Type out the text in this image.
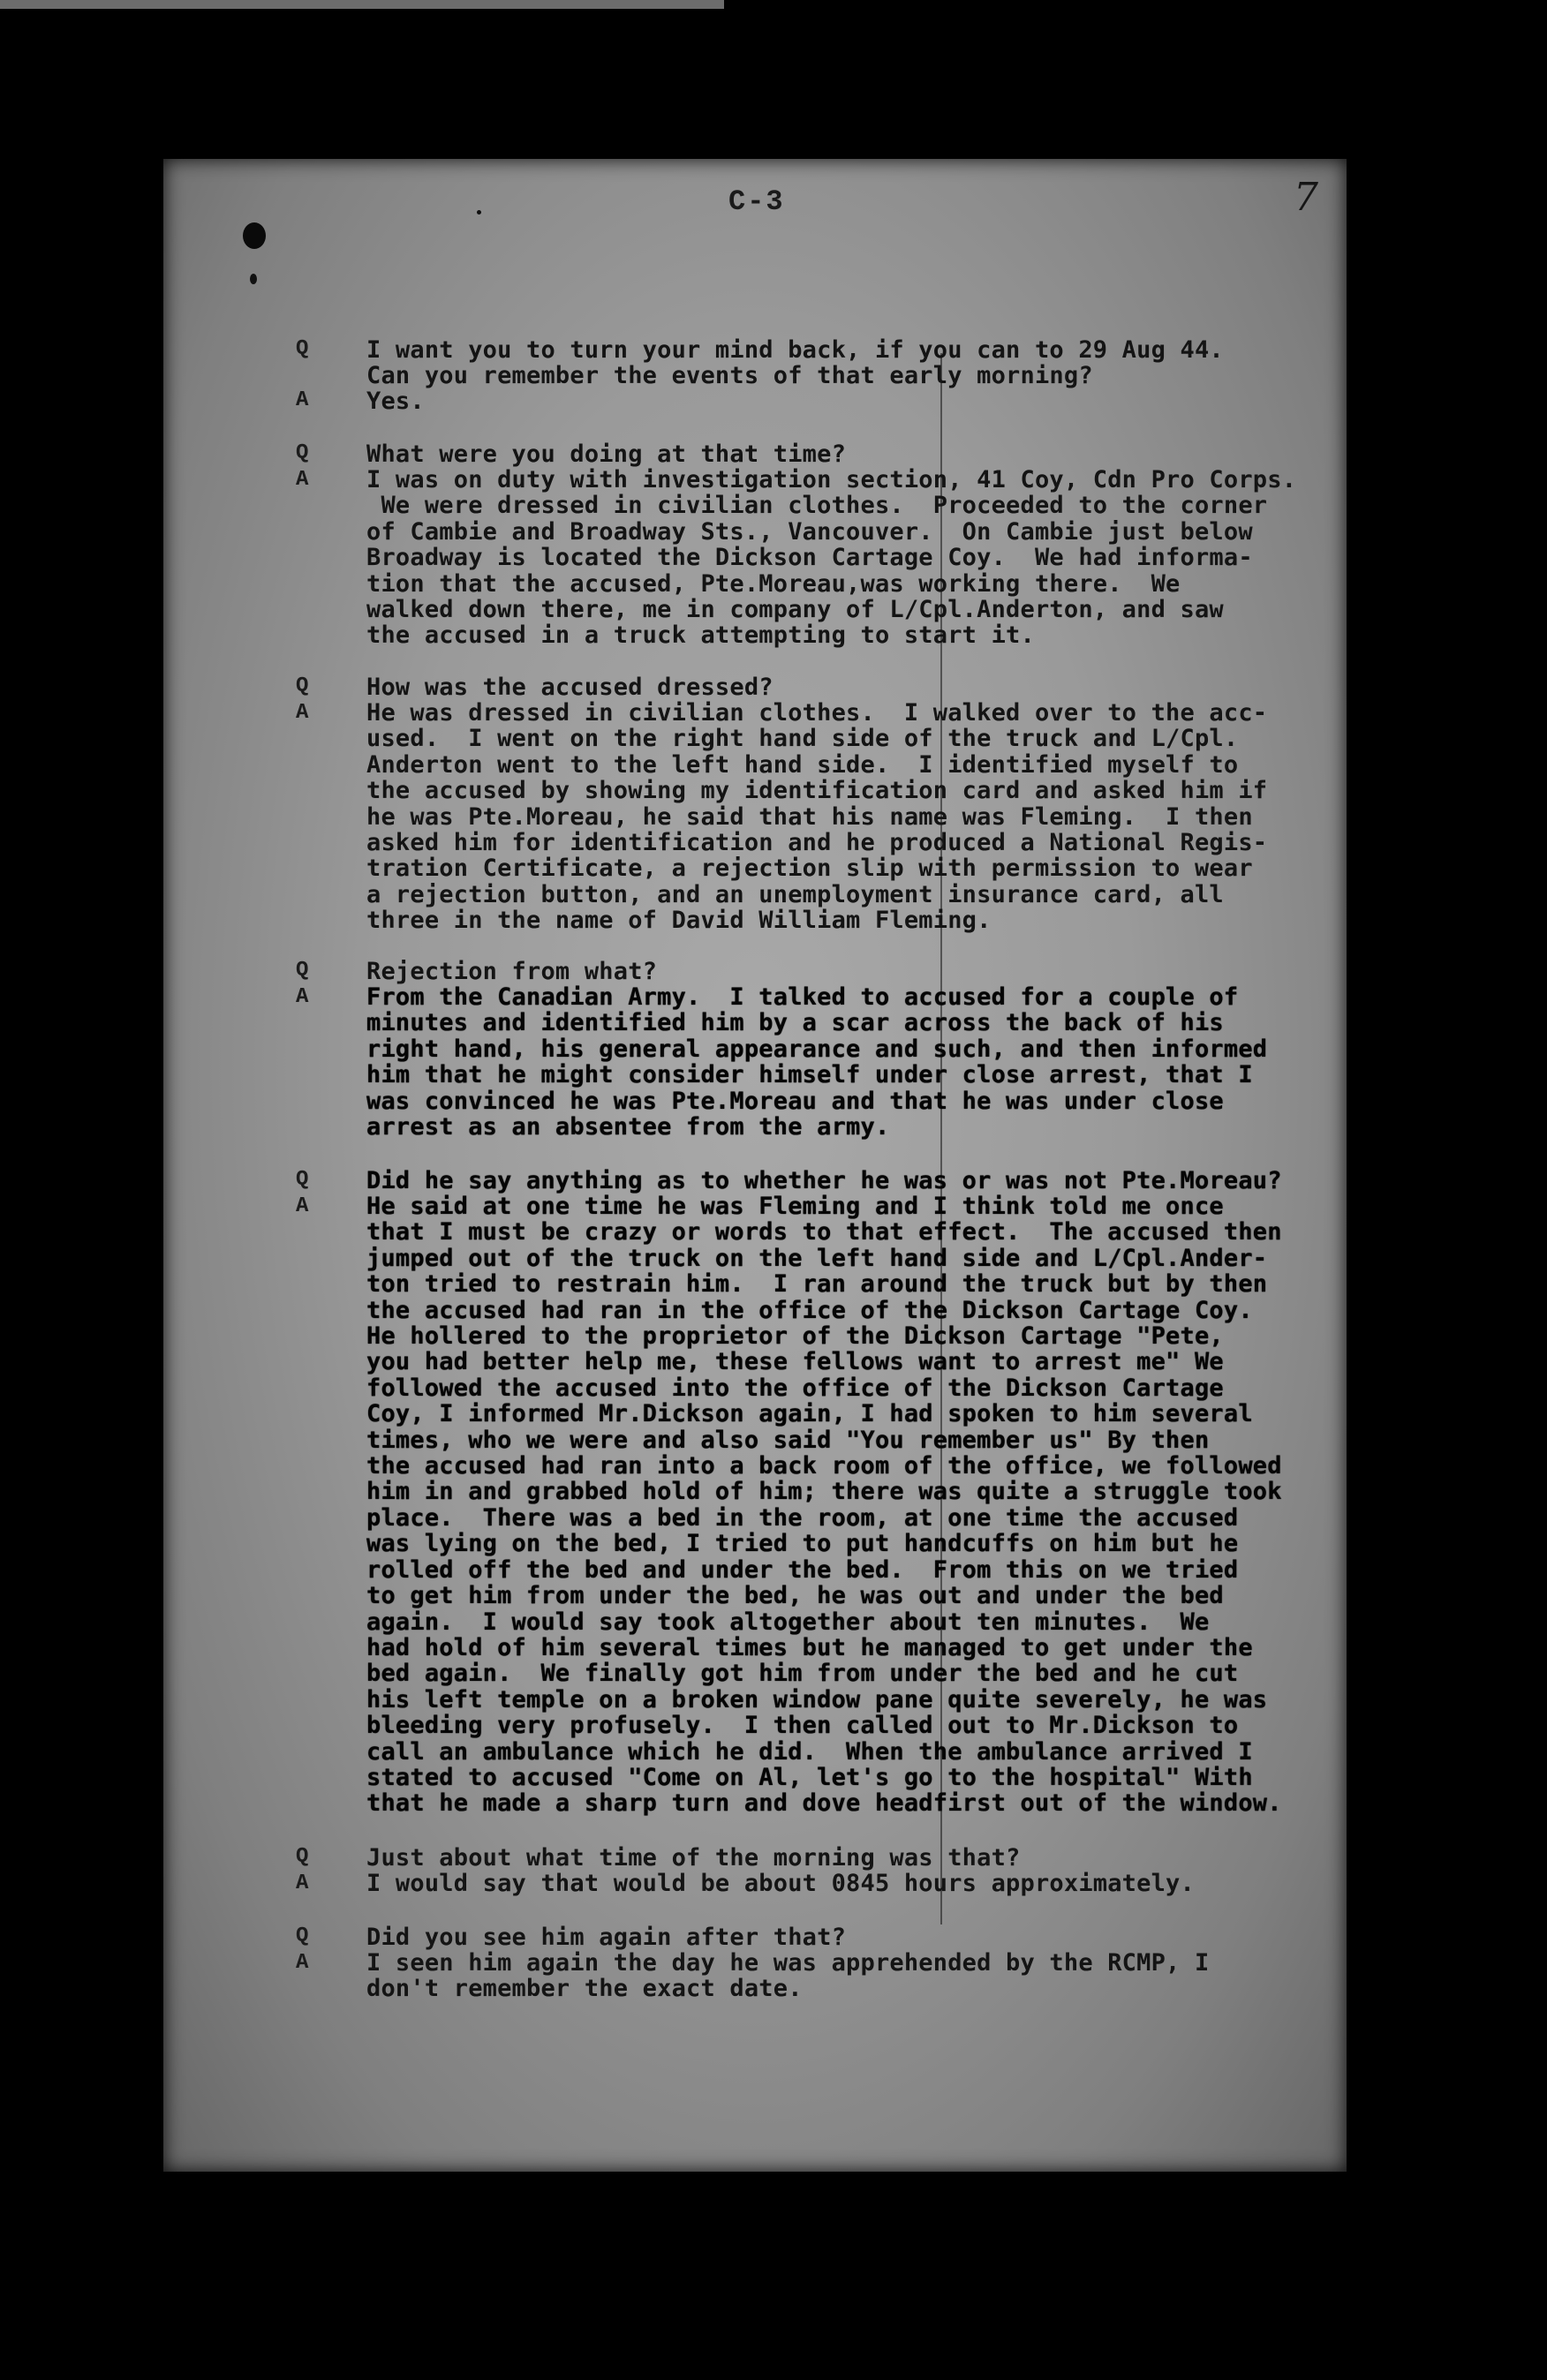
C-3	7
Q
A
I want you to turn your mind back, if you can to 29 Aug 44.
Can you remember the events of that early morning?
Yes.
Q
A
What were you doing at that time?
I was on duty with investigation section, 41 Coy, Cdn Pro Corps.
We were dressed in civilian clothes.  Proceeded to the corner
of Cambie and Broadway Sts., Vancouver.  On Cambie just below
Broadway is located the Dickson Cartage Coy.  We had informa-
tion that the accused, Pte.Moreau,was working there.  We
walked down there, me in company of L/Cpl.Anderton, and saw
the accused in a truck attempting to start it.
Q
A
How was the accused dressed?
He was dressed in civilian clothes.  I walked over to the acc-
used.  I went on the right hand side of the truck and L/Cpl.
Anderton went to the left hand side.  I identified myself to
the accused by showing my identification card and asked him if
he was Pte.Moreau, he said that his name was Fleming.  I then
asked him for identification and he produced a National Regis-
tration Certificate, a rejection slip with permission to wear
a rejection button, and an unemployment insurance card, all
three in the name of David William Fleming.
Q
A
Rejection from what?
From the Canadian Army.  I talked to accused for a couple of
minutes and identified him by a scar across the back of his
right hand, his general appearance and such, and then informed
him that he might consider himself under close arrest, that I
was convinced he was Pte.Moreau and that he was under close
arrest as an absentee from the army.
Q
A
Did he say anything as to whether he was or was not Pte.Moreau?
He said at one time he was Fleming and I think told me once
that I must be crazy or words to that effect.  The accused then
jumped out of the truck on the left hand side and L/Cpl.Ander-
ton tried to restrain him.  I ran around the truck but by then
the accused had ran in the office of the Dickson Cartage Coy.
He hollered to the proprietor of the Dickson Cartage "Pete,
you had better help me, these fellows want to arrest me" We
followed the accused into the office of the Dickson Cartage
Coy, I informed Mr.Dickson again, I had spoken to him several
times, who we were and also said "You remember us" By then
the accused had ran into a back room of the office, we followed
him in and grabbed hold of him; there was quite a struggle took
place.  There was a bed in the room, at one time the accused
was lying on the bed, I tried to put handcuffs on him but he
rolled off the bed and under the bed.  From this on we tried
to get him from under the bed, he was out and under the bed
again.  I would say took altogether about ten minutes.  We
had hold of him several times but he managed to get under the
bed again.  We finally got him from under the bed and he cut
his left temple on a broken window pane quite severely, he was
bleeding very profusely.  I then called out to Mr.Dickson to
call an ambulance which he did.  When the ambulance arrived I
stated to accused "Come on Al, let's go to the hospital" With
that he made a sharp turn and dove headfirst out of the window.
Q
A
Just about what time of the morning was that?
I would say that would be about 0845 hours approximately.
Q
A
Did you see him again after that?
I seen him again the day he was apprehended by the RCMP, I
don't remember the exact date.
